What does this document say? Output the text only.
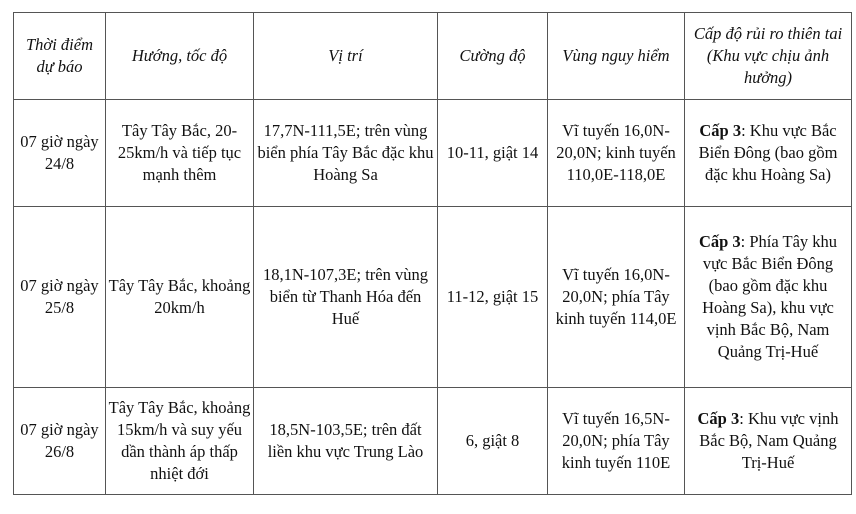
Thời điểm dự báo	Hướng, tốc độ	Vị trí	Cường độ	Vùng nguy hiểm	Cấp độ rủi ro thiên tai (Khu vực chịu ảnh hưởng)
07 giờ ngày 24/8	Tây Tây Bắc, 20-25km/h và tiếp tục mạnh thêm	17,7N-111,5E; trên vùng biển phía Tây Bắc đặc khu Hoàng Sa	10-11, giật 14	Vĩ tuyến 16,0N-20,0N; kinh tuyến 110,0E-118,0E	Cấp 3: Khu vực Bắc Biển Đông (bao gồm đặc khu Hoàng Sa)
07 giờ ngày 25/8	Tây Tây Bắc, khoảng 20km/h	18,1N-107,3E; trên vùng biển từ Thanh Hóa đến Huế	11-12, giật 15	Vĩ tuyến 16,0N-20,0N; phía Tây kinh tuyến 114,0E	Cấp 3: Phía Tây khu vực Bắc Biển Đông (bao gồm đặc khu Hoàng Sa), khu vực vịnh Bắc Bộ, Nam Quảng Trị-Huế
07 giờ ngày 26/8	Tây Tây Bắc, khoảng 15km/h và suy yếu dần thành áp thấp nhiệt đới	18,5N-103,5E; trên đất liền khu vực Trung Lào	6, giật 8	Vĩ tuyến 16,5N-20,0N; phía Tây kinh tuyến 110E	Cấp 3: Khu vực vịnh Bắc Bộ, Nam Quảng Trị-Huế
